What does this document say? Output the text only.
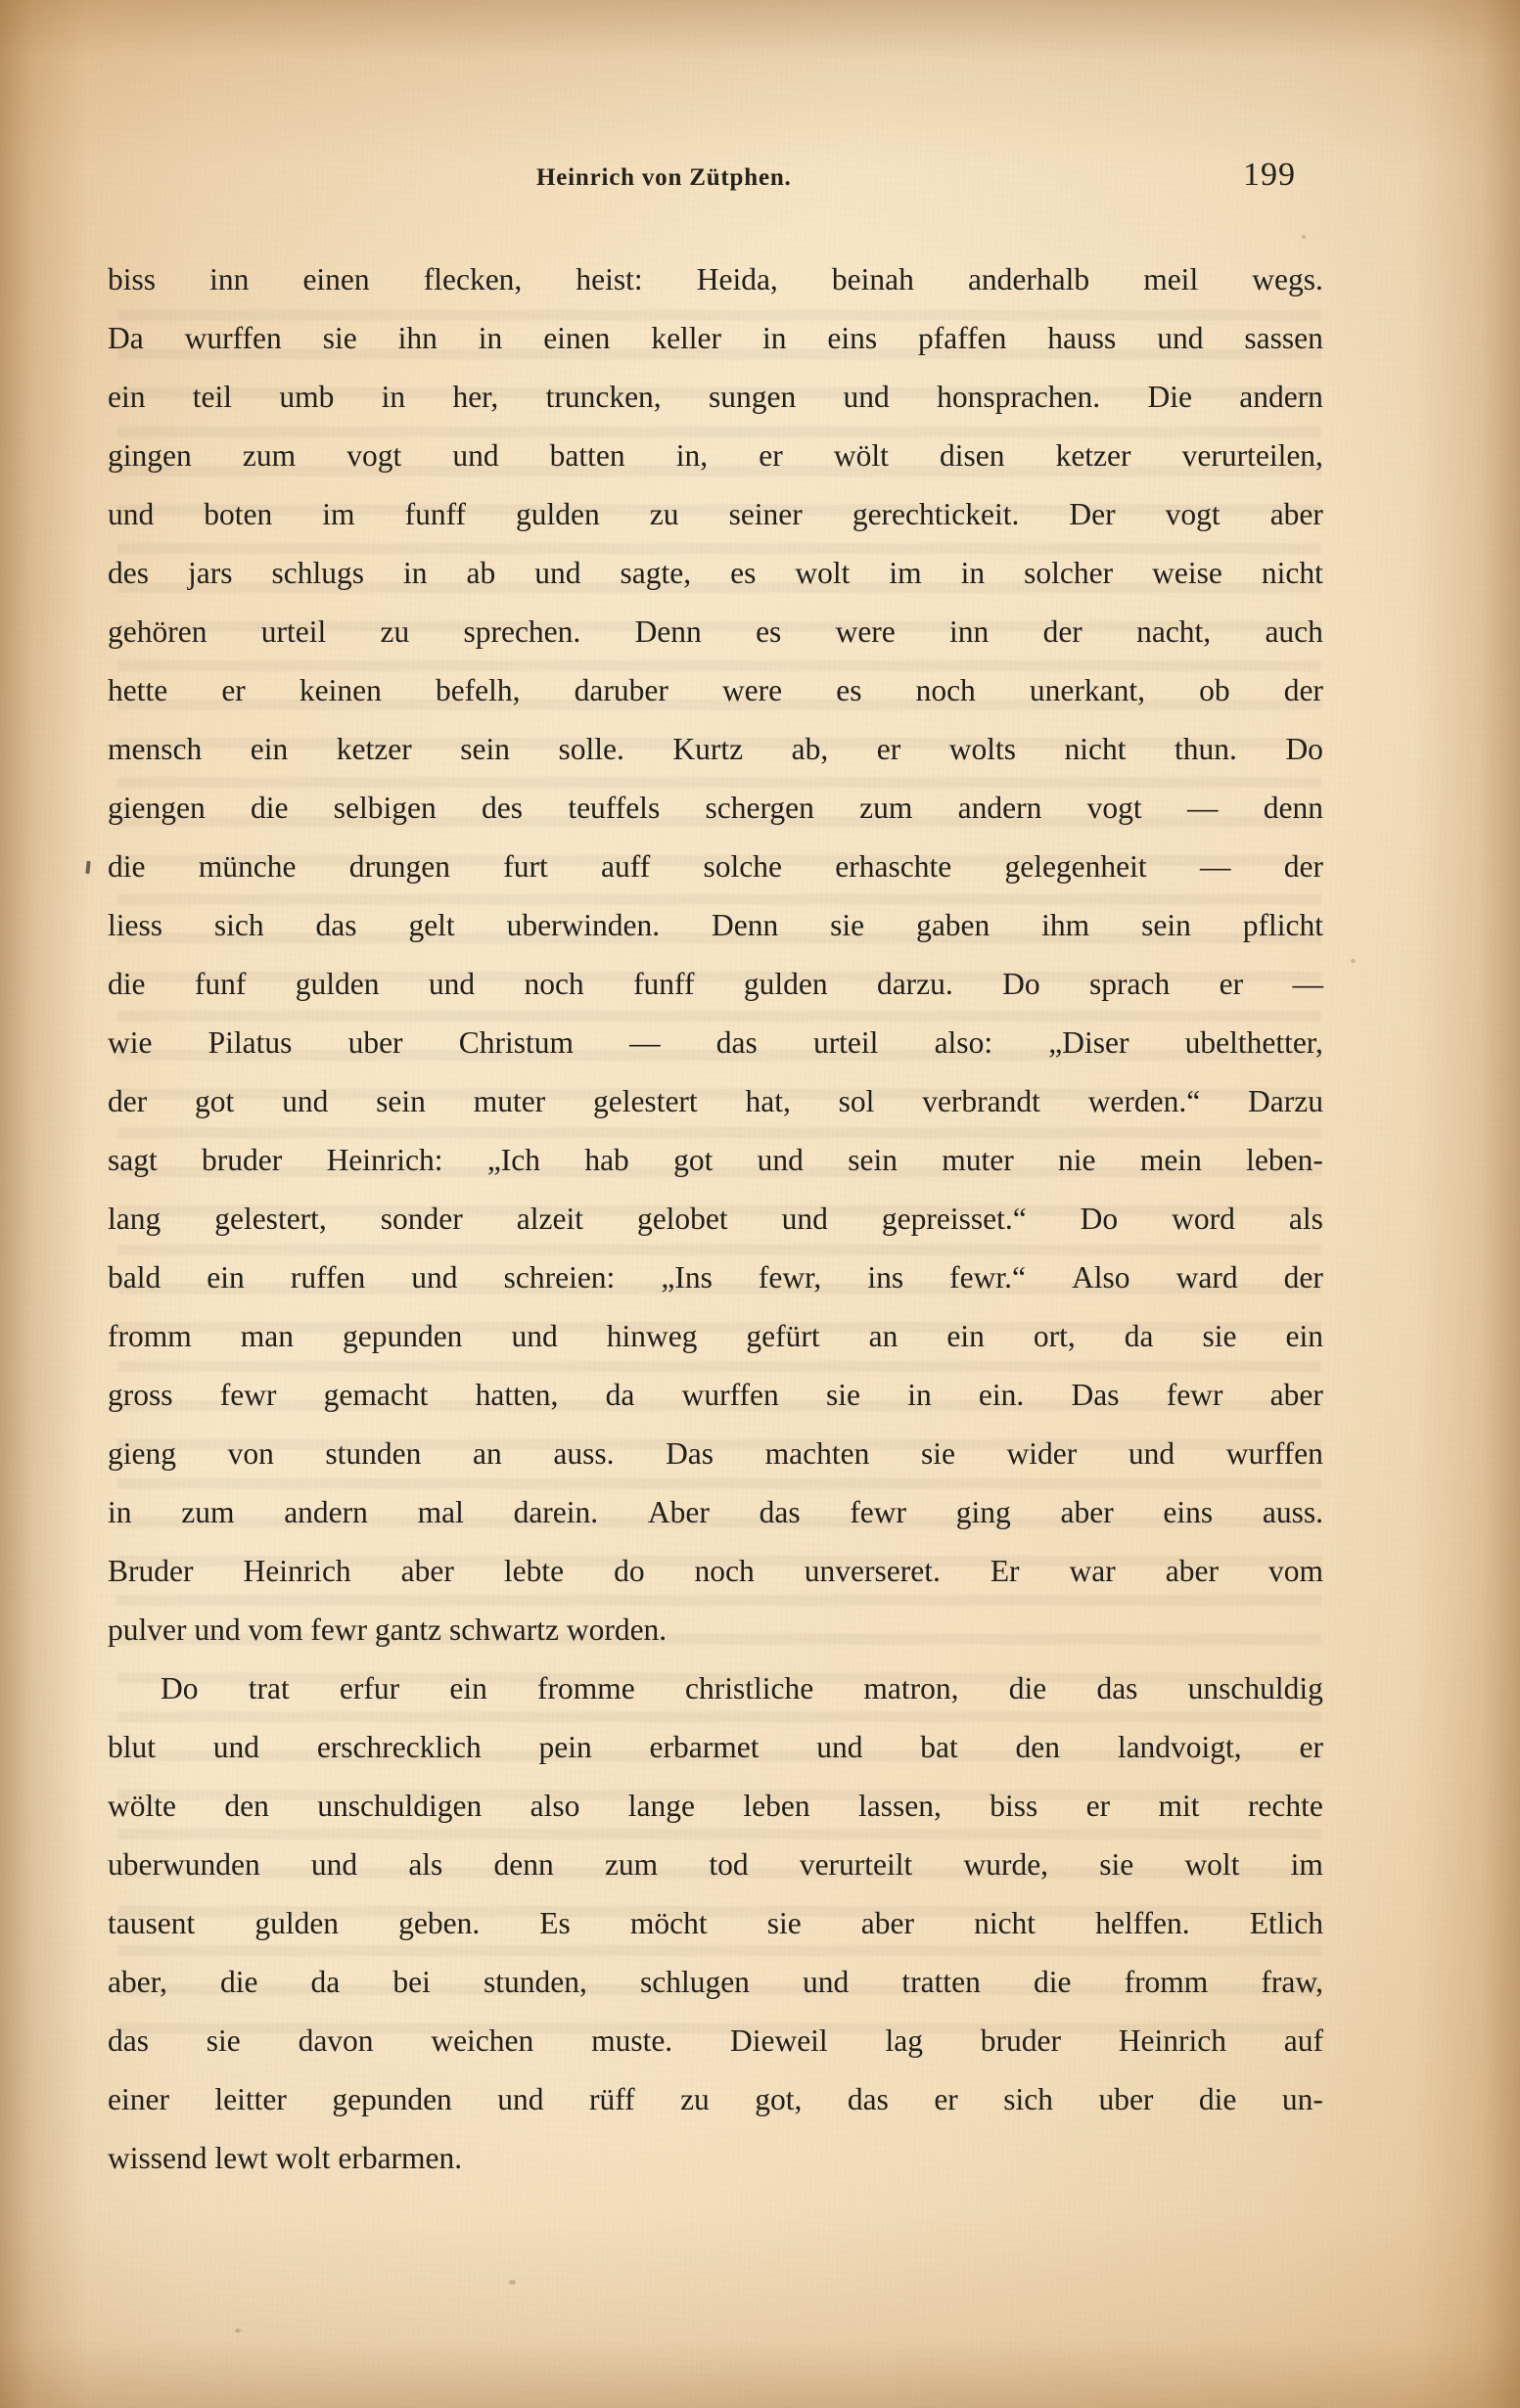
Heinrich von Zütphen.	199
biss inn einen flecken, heist: Heida, beinah anderhalb meil wegs.
Da wurffen sie ihn in einen keller in eins pfaffen hauss und sassen
ein teil umb in her, truncken, sungen und honsprachen. Die andern
gingen zum vogt und batten in, er wölt disen ketzer verurteilen,
und boten im funff gulden zu seiner gerechtickeit. Der vogt aber
des jars schlugs in ab und sagte, es wolt im in solcher weise nicht
gehören urteil zu sprechen. Denn es were inn der nacht, auch
hette er keinen befelh, daruber were es noch unerkant, ob der
mensch ein ketzer sein solle. Kurtz ab, er wolts nicht thun. Do
giengen die selbigen des teuffels schergen zum andern vogt — denn
die münche drungen furt auff solche erhaschte gelegenheit — der
liess sich das gelt uberwinden. Denn sie gaben ihm sein pflicht
die funf gulden und noch funff gulden darzu. Do sprach er —
wie Pilatus uber Christum — das urteil also: „Diser ubelthetter,
der got und sein muter gelestert hat, sol verbrandt werden.“ Darzu
sagt bruder Heinrich: „Ich hab got und sein muter nie mein leben-
lang gelestert, sonder alzeit gelobet und gepreisset.“ Do word als
bald ein ruffen und schreien: „Ins fewr, ins fewr.“ Also ward der
fromm man gepunden und hinweg gefürt an ein ort, da sie ein
gross fewr gemacht hatten, da wurffen sie in ein. Das fewr aber
gieng von stunden an auss. Das machten sie wider und wurffen
in zum andern mal darein. Aber das fewr ging aber eins auss.
Bruder Heinrich aber lebte do noch unverseret. Er war aber vom
pulver und vom fewr gantz schwartz worden.
Do trat erfur ein fromme christliche matron, die das unschuldig
blut und erschrecklich pein erbarmet und bat den landvoigt, er
wölte den unschuldigen also lange leben lassen, biss er mit rechte
uberwunden und als denn zum tod verurteilt wurde, sie wolt im
tausent gulden geben. Es möcht sie aber nicht helffen. Etlich
aber, die da bei stunden, schlugen und tratten die fromm fraw,
das sie davon weichen muste. Dieweil lag bruder Heinrich auf
einer leitter gepunden und rüff zu got, das er sich uber die un-
wissend lewt wolt erbarmen.
